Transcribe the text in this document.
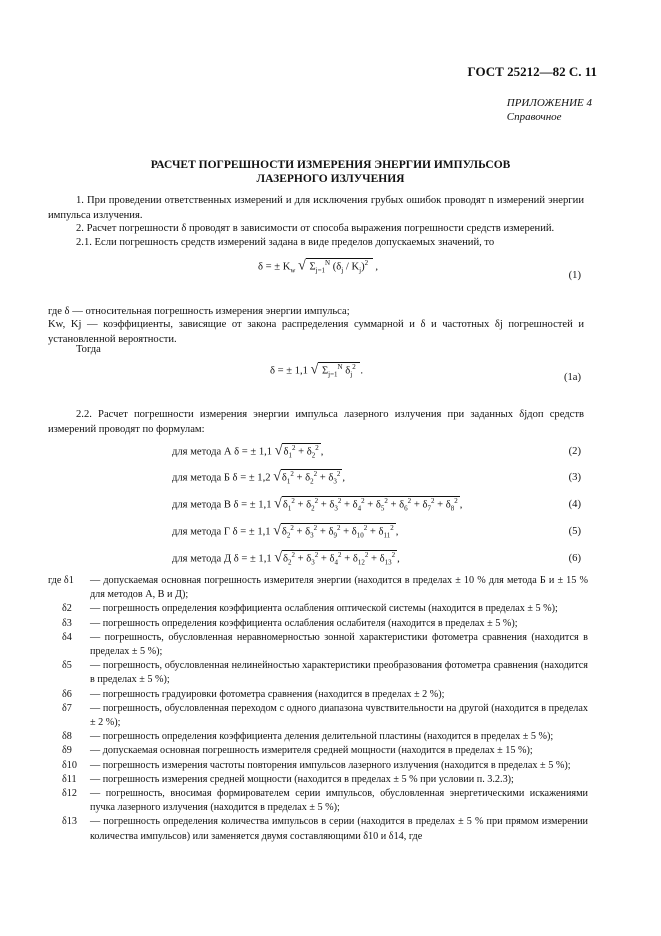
ГОСТ 25212—82 С. 11
ПРИЛОЖЕНИЕ 4
Справочное
РАСЧЕТ ПОГРЕШНОСТИ ИЗМЕРЕНИЯ ЭНЕРГИИ ИМПУЛЬСОВ
ЛАЗЕРНОГО ИЗЛУЧЕНИЯ
1. При проведении ответственных измерений и для исключения грубых ошибок проводят n измерений энергии импульса излучения.
2. Расчет погрешности δ проводят в зависимости от способа выражения погрешности средств измерений.
2.1. Если погрешность средств измерений задана в виде пределов допускаемых значений, то
δ = ± $K_w$ √ $\Sigma_{j=1}^N$ $(\delta_j / K_j)^2$  ,
(1)
где δ — относительная погрешность измерения энергии импульса;
Kw, Kj — коэффициенты, зависящие от закона распределения суммарной и δ и частотных δj погрешностей и установленной вероятности.
Тогда
δ = ± 1,1 √ $\Sigma_{j=1}^N$ $\delta_j^2$ .
(1а)
2.2. Расчет погрешности измерения энергии импульса лазерного излучения при заданных δjдоп средств измерений проводят по формулам:
для метода А δ = ± 1,1 $√\delta_1^2 + \delta_2^2$ ,	(2)
для метода Б δ = ± 1,2 $√\delta_1^2 + \delta_2^2 + \delta_3^2$ ,	(3)
для метода В δ = ± 1,1 $√\delta_1^2 + \delta_2^2 + \delta_3^2 + \delta_4^2 + \delta_5^2 + \delta_6^2 + \delta_7^2 + \delta_8^2$ ,	(4)
для метода Г δ = ± 1,1 $√\delta_2^2 + \delta_3^2 + \delta_9^2 + \delta_{10}^2 + \delta_{11}^2$ ,	(5)
для метода Д δ = ± 1,1 $√\delta_2^2 + \delta_3^2 + \delta_4^2 + \delta_{12}^2 + \delta_{13}^2$ ,	(6)
где δ1 — допускаемая основная погрешность измерителя энергии (находится в пределах ± 10 % для метода Б и ± 15 % для методов А, В и Д);
δ2 — погрешность определения коэффициента ослабления оптической системы (находится в пределах ± 5 %);
δ3 — погрешность определения коэффициента ослабления ослабителя (находится в пределах ± 5 %);
δ4 — погрешность, обусловленная неравномерностью зонной характеристики фотометра сравнения (находится в пределах ± 5 %);
δ5 — погрешность, обусловленная нелинейностью характеристики преобразования фотометра сравнения (находится в пределах ± 5 %);
δ6 — погрешность градуировки фотометра сравнения (находится в пределах ± 2 %);
δ7 — погрешность, обусловленная переходом с одного диапазона чувствительности на другой (находится в пределах ± 2 %);
δ8 — погрешность определения коэффициента деления делительной пластины (находится в пределах ± 5 %);
δ9 — допускаемая основная погрешность измерителя средней мощности (находится в пределах ± 15 %);
δ10 — погрешность измерения частоты повторения импульсов лазерного излучения (находится в пределах ± 5 %);
δ11 — погрешность измерения средней мощности (находится в пределах ± 5 % при условии п. 3.2.3);
δ12 — погрешность, вносимая формирователем серии импульсов, обусловленная энергетическими искажениями пучка лазерного излучения (находится в пределах ± 5 %);
δ13 — погрешность определения количества импульсов в серии (находится в пределах ± 5 % при прямом измерении количества импульсов) или заменяется двумя составляющими δ10 и δ14, где
